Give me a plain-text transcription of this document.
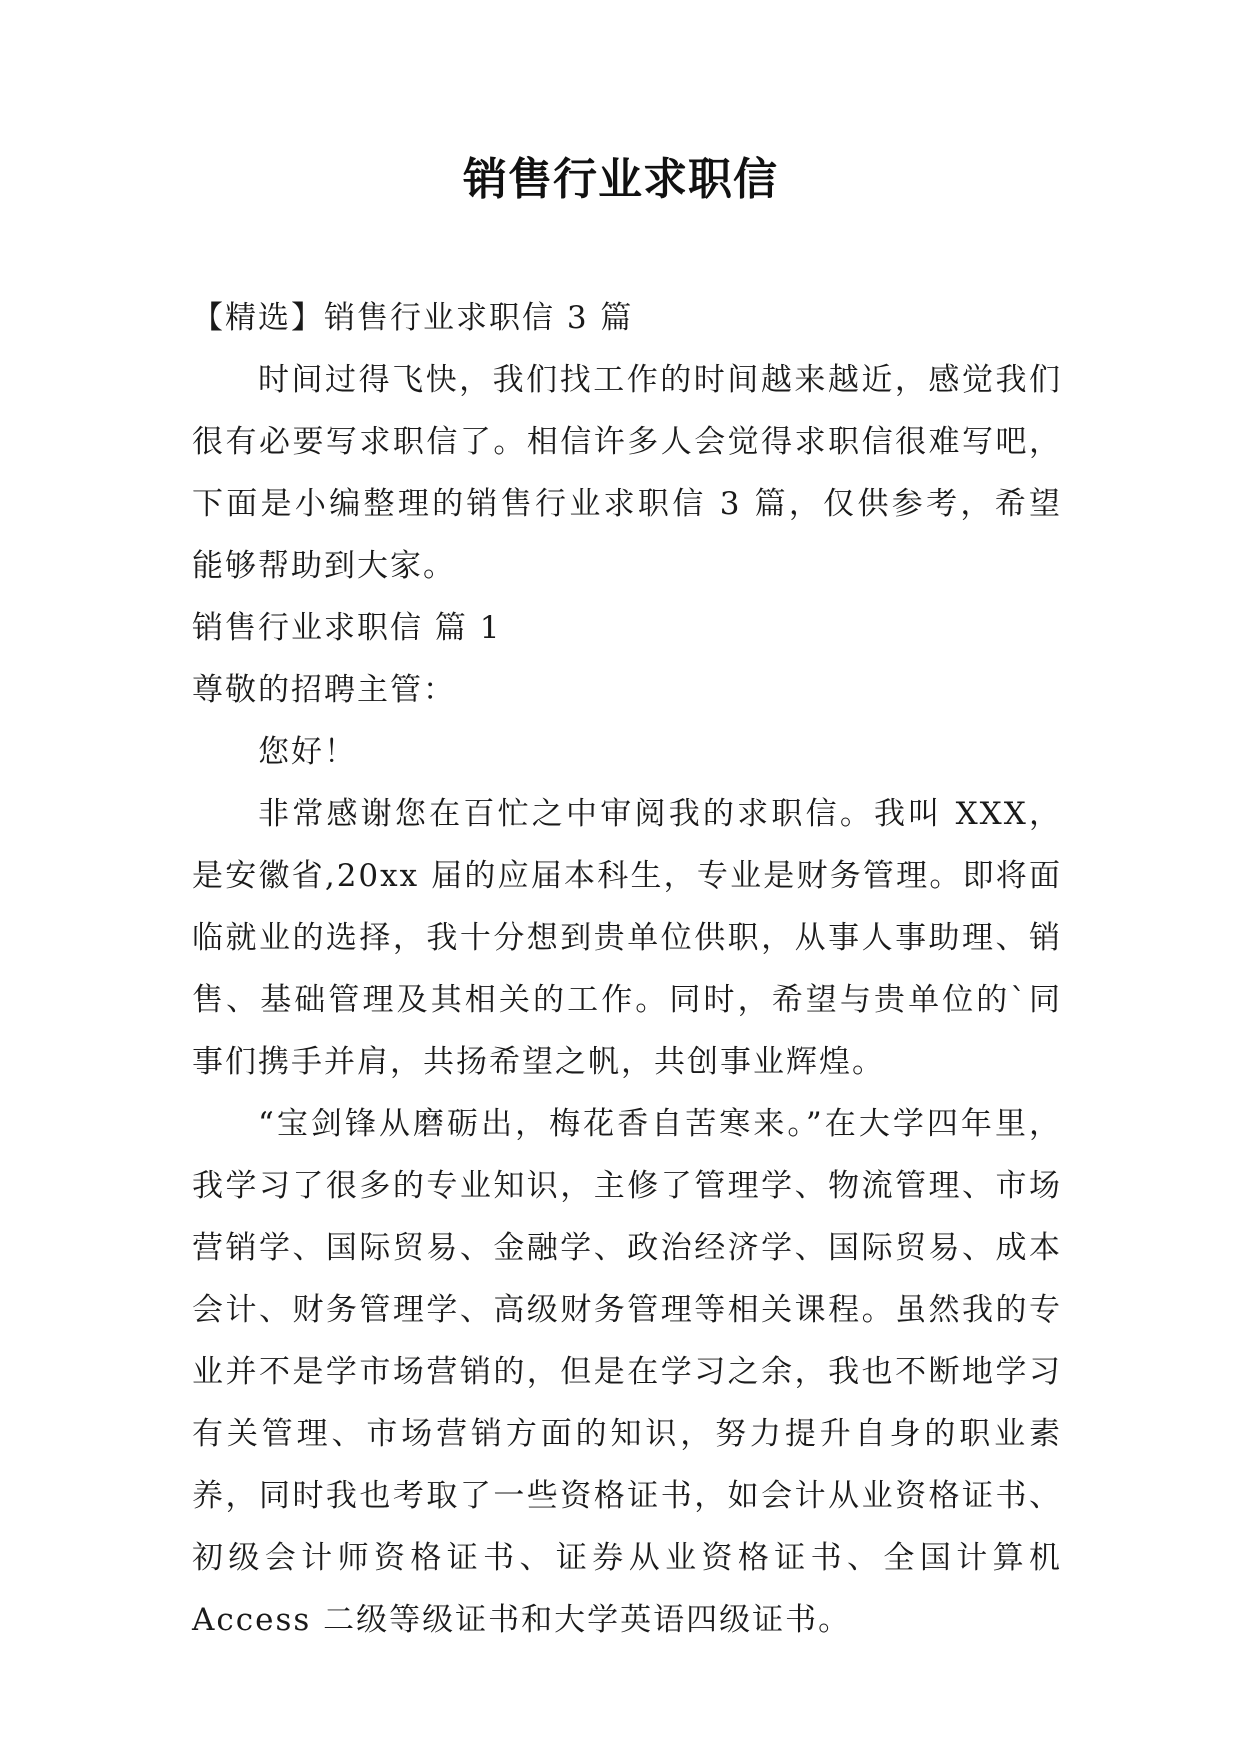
销售行业求职信

【精选】销售行业求职信 3 篇

时间过得飞快，我们找工作的时间越来越近，感觉我们很有必要写求职信了。相信许多人会觉得求职信很难写吧，下面是小编整理的销售行业求职信 3 篇，仅供参考，希望能够帮助到大家。

销售行业求职信 篇 1

尊敬的招聘主管：

您好！

非常感谢您在百忙之中审阅我的求职信。我叫 XXX，是安徽省,20xx 届的应届本科生，专业是财务管理。即将面临就业的选择，我十分想到贵单位供职，从事人事助理、销售、基础管理及其相关的工作。同时，希望与贵单位的`同事们携手并肩，共扬希望之帆，共创事业辉煌。

“宝剑锋从磨砺出，梅花香自苦寒来。”在大学四年里，我学习了很多的专业知识，主修了管理学、物流管理、市场营销学、国际贸易、金融学、政治经济学、国际贸易、成本会计、财务管理学、高级财务管理等相关课程。虽然我的专业并不是学市场营销的，但是在学习之余，我也不断地学习有关管理、市场营销方面的知识，努力提升自身的职业素养，同时我也考取了一些资格证书，如会计从业资格证书、初级会计师资格证书、证券从业资格证书、全国计算机 Access 二级等级证书和大学英语四级证书。
